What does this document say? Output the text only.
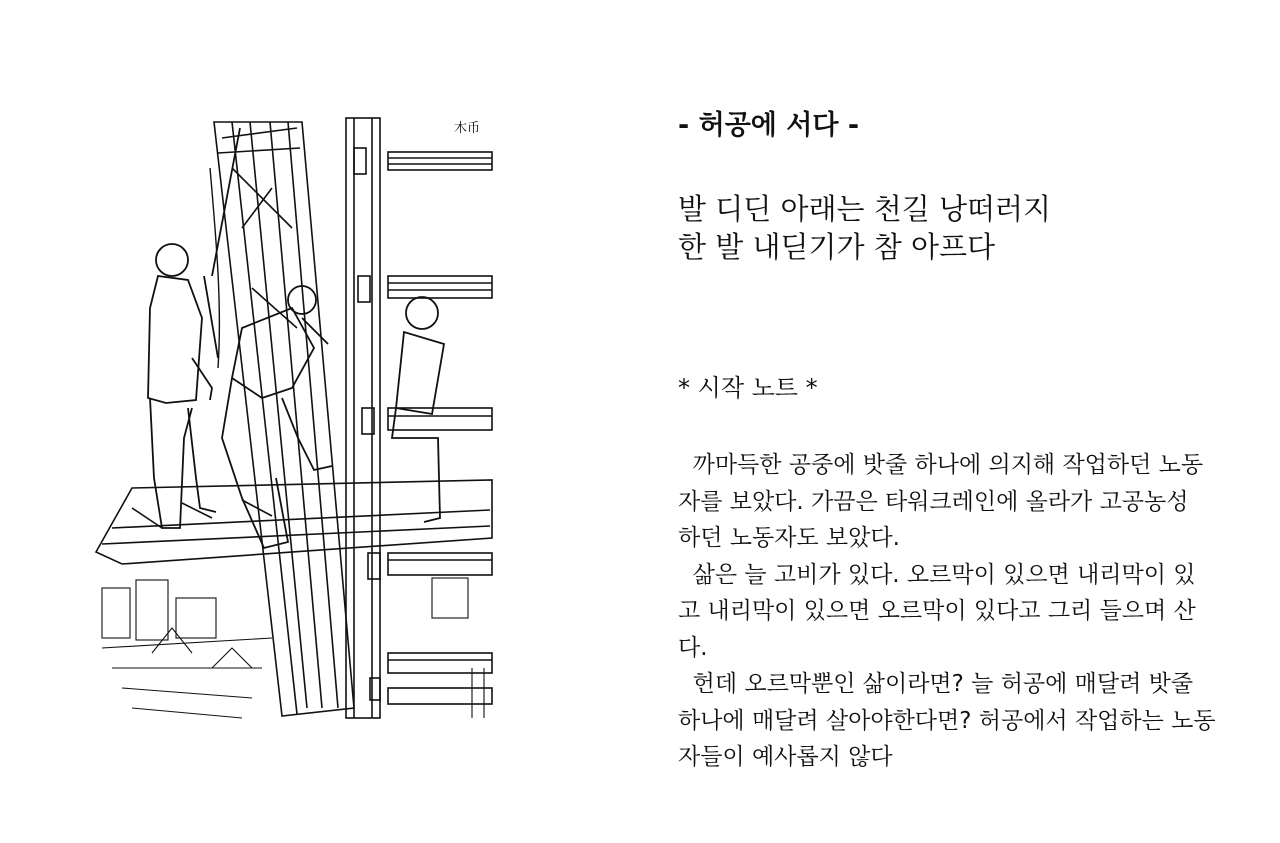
木币	- 허공에 서다 -
발 디딘 아래는 천길 낭떠러지
한 발 내딛기가 참 아프다
* 시작 노트 *
까마득한 공중에 밧줄 하나에 의지해 작업하던 노동
자를 보았다. 가끔은 타워크레인에 올라가 고공농성
하던 노동자도 보았다.
삶은 늘 고비가 있다. 오르막이 있으면 내리막이 있
고 내리막이 있으면 오르막이 있다고 그리 들으며 산
다.
헌데 오르막뿐인 삶이라면? 늘 허공에 매달려 밧줄
하나에 매달려 살아야한다면? 허공에서 작업하는 노동
자들이 예사롭지 않다
